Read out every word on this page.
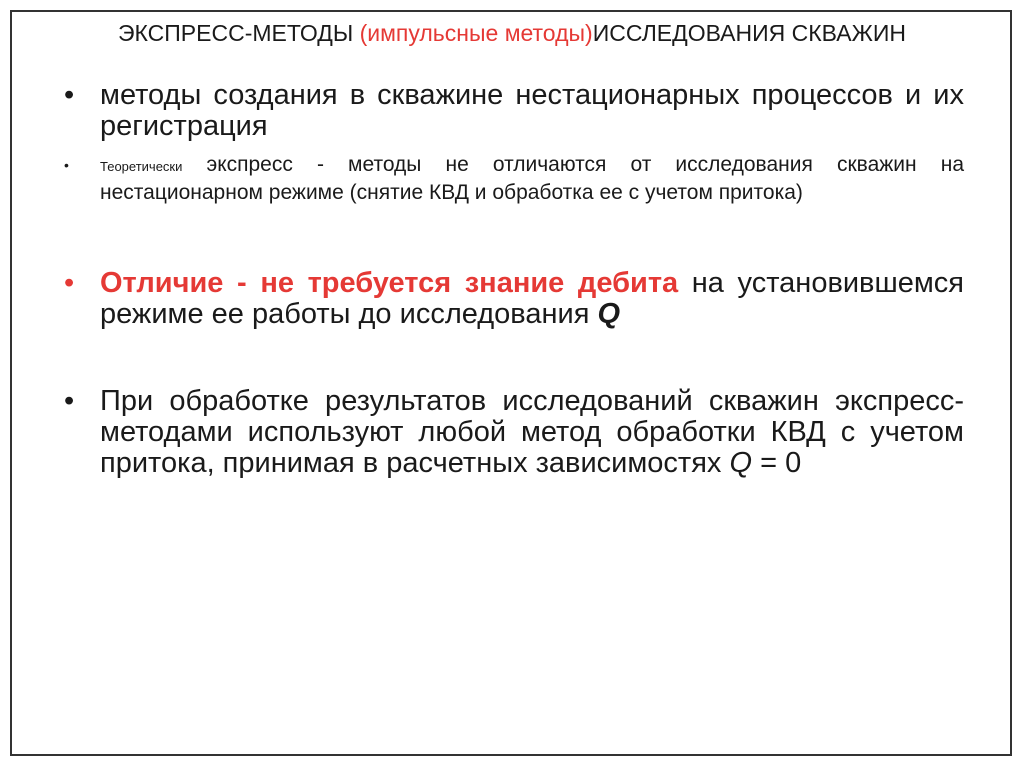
ЭКСПРЕСС-МЕТОДЫ (импульсные методы)ИССЛЕДОВАНИЯ СКВАЖИН
• методы создания в скважине нестационарных процессов и их регистрация
• Теоретически экспресс - методы не отличаются от исследования скважин на нестационарном режиме (снятие КВД и обработка ее с учетом притока)
• Отличие - не требуется знание дебита на установившемся режиме ее работы до исследования Q
• При обработке результатов исследований скважин экспресс-методами используют любой метод обработки КВД с учетом притока, принимая в расчетных зависимостях Q = 0
